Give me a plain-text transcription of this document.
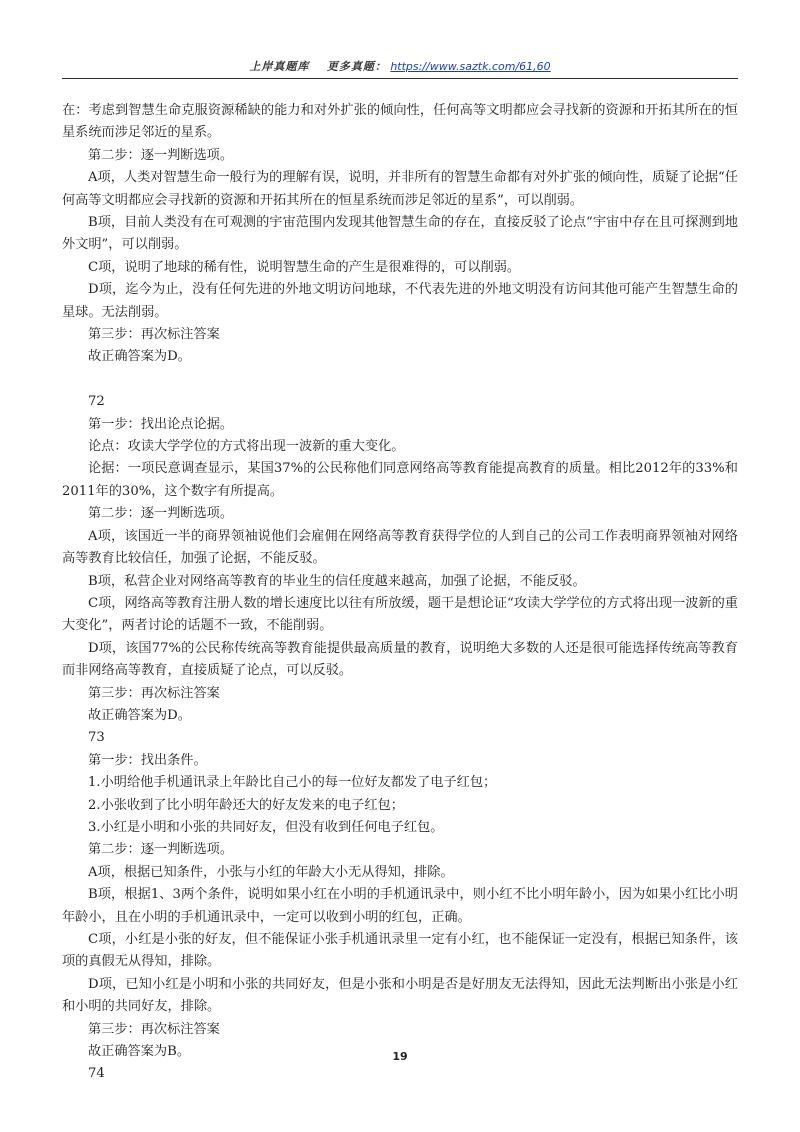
上岸真题库 更多真题： https://www.saztk.com/61,60

在：考虑到智慧生命克服资源稀缺的能力和对外扩张的倾向性，任何高等文明都应会寻找新的资源和开拓其所在的恒星系统而涉足邻近的星系。

第二步：逐一判断选项。

A项，人类对智慧生命一般行为的理解有误，说明，并非所有的智慧生命都有对外扩张的倾向性，质疑了论据“任何高等文明都应会寻找新的资源和开拓其所在的恒星系统而涉足邻近的星系”，可以削弱。

B项，目前人类没有在可观测的宇宙范围内发现其他智慧生命的存在，直接反驳了论点“宇宙中存在且可探测到地外文明”，可以削弱。

C项，说明了地球的稀有性，说明智慧生命的产生是很难得的，可以削弱。

D项，迄今为止，没有任何先进的外地文明访问地球，不代表先进的外地文明没有访问其他可能产生智慧生命的星球。无法削弱。

第三步：再次标注答案

故正确答案为D。

72

第一步：找出论点论据。

论点：攻读大学学位的方式将出现一波新的重大变化。

论据：一项民意调查显示，某国37%的公民称他们同意网络高等教育能提高教育的质量。相比2012年的33%和2011年的30%，这个数字有所提高。

第二步：逐一判断选项。

A项，该国近一半的商界领袖说他们会雇佣在网络高等教育获得学位的人到自己的公司工作表明商界领袖对网络高等教育比较信任，加强了论据，不能反驳。

B项，私营企业对网络高等教育的毕业生的信任度越来越高，加强了论据，不能反驳。

C项，网络高等教育注册人数的增长速度比以往有所放缓，题干是想论证“攻读大学学位的方式将出现一波新的重大变化”，两者讨论的话题不一致，不能削弱。

D项，该国77%的公民称传统高等教育能提供最高质量的教育，说明绝大多数的人还是很可能选择传统高等教育而非网络高等教育，直接质疑了论点，可以反驳。

第三步：再次标注答案

故正确答案为D。

73

第一步：找出条件。

1.小明给他手机通讯录上年龄比自己小的每一位好友都发了电子红包；

2.小张收到了比小明年龄还大的好友发来的电子红包；

3.小红是小明和小张的共同好友，但没有收到任何电子红包。

第二步：逐一判断选项。

A项，根据已知条件，小张与小红的年龄大小无从得知，排除。

B项，根据1、3两个条件，说明如果小红在小明的手机通讯录中，则小红不比小明年龄小，因为如果小红比小明年龄小，且在小明的手机通讯录中，一定可以收到小明的红包，正确。

C项，小红是小张的好友，但不能保证小张手机通讯录里一定有小红，也不能保证一定没有，根据已知条件，该项的真假无从得知，排除。

D项，已知小红是小明和小张的共同好友，但是小张和小明是否是好朋友无法得知，因此无法判断出小张是小红和小明的共同好友，排除。

第三步：再次标注答案

故正确答案为B。

74

19
